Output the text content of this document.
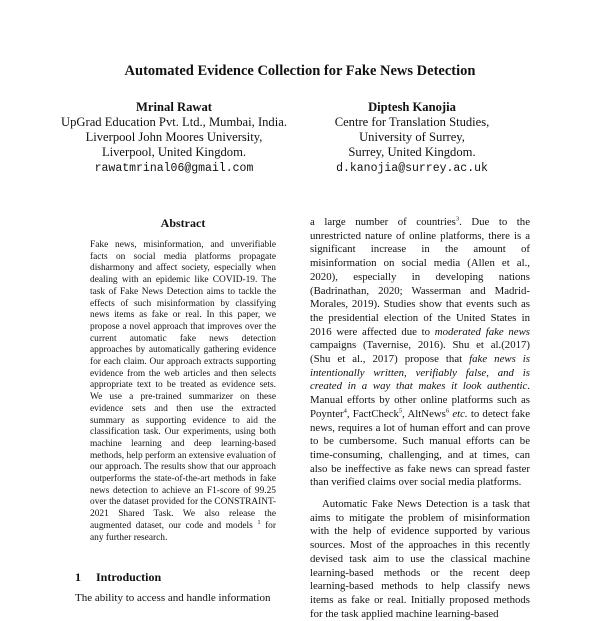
Automated Evidence Collection for Fake News Detection
Mrinal Rawat
UpGrad Education Pvt. Ltd., Mumbai, India.
Liverpool John Moores University,
Liverpool, United Kingdom.
rawatmrinal06@gmail.com
Diptesh Kanojia
Centre for Translation Studies,
University of Surrey,
Surrey, United Kingdom.
d.kanojia@surrey.ac.uk
Abstract
Fake news, misinformation, and unverifiable facts on social media platforms propagate disharmony and affect society, especially when dealing with an epidemic like COVID-19. The task of Fake News Detection aims to tackle the effects of such misinformation by classifying news items as fake or real. In this paper, we propose a novel approach that improves over the current automatic fake news detection approaches by automatically gathering evidence for each claim. Our approach extracts supporting evidence from the web articles and then selects appropriate text to be treated as evidence sets. We use a pre-trained summarizer on these evidence sets and then use the extracted summary as supporting evidence to aid the classification task. Our experiments, using both machine learning and deep learning-based methods, help perform an extensive evaluation of our approach. The results show that our approach outperforms the state-of-the-art methods in fake news detection to achieve an F1-score of 99.25 over the dataset provided for the CONSTRAINT-2021 Shared Task. We also release the augmented dataset, our code and models $^1$ for any further research.
1 Introduction
The ability to access and handle information

a large number of countries$^3$. Due to the unrestricted nature of online platforms, there is a significant increase in the amount of misinformation on social media (Allen et al., 2020), especially in developing nations (Badrinathan, 2020; Wasserman and Madrid-Morales, 2019). Studies show that events such as the presidential election of the United States in 2016 were affected due to moderated fake news campaigns (Tavernise, 2016). Shu et al.(2017) (Shu et al., 2017) propose that fake news is intentionally written, verifiably false, and is created in a way that makes it look authentic. Manual efforts by other online platforms such as Poynter$^4$, FactCheck$^5$, AltNews$^6$ etc. to detect fake news, requires a lot of human effort and can prove to be cumbersome. Such manual efforts can be time-consuming, challenging, and at times, can also be ineffective as fake news can spread faster than verified claims over social media platforms.

Automatic Fake News Detection is a task that aims to mitigate the problem of misinformation with the help of evidence supported by various sources. Most of the approaches in this recently devised task aim to use the classical machine learning-based methods or the recent deep learning-based methods to help classify news items as fake or real. Initially proposed methods for the task applied machine learning-based
